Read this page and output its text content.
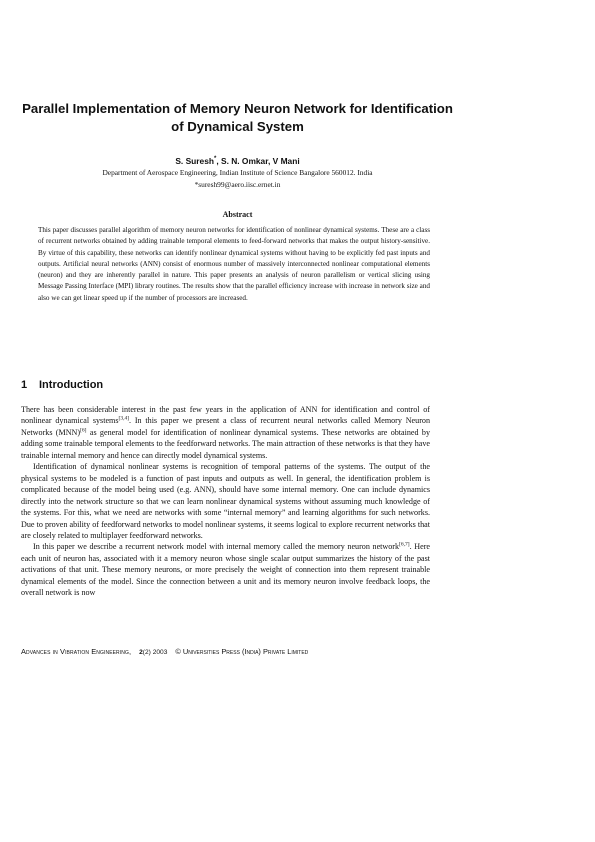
Parallel Implementation of Memory Neuron Network for Identification of Dynamical System
S. Suresh*, S. N. Omkar, V Mani
Department of Aerospace Engineering, Indian Institute of Science Bangalore 560012. India
*suresh99@aero.iisc.ernet.in
Abstract

This paper discusses parallel algorithm of memory neuron networks for identification of nonlinear dynamical systems. These are a class of recurrent networks obtained by adding trainable temporal elements to feed-forward networks that makes the output history-sensitive. By virtue of this capability, these networks can identify nonlinear dynamical systems without having to be explicitly fed past inputs and outputs. Artificial neural networks (ANN) consist of enormous number of massively interconnected nonlinear computational elements (neuron) and they are inherently parallel in nature. This paper presents an analysis of neuron parallelism or vertical slicing using Message Passing Interface (MPI) library routines. The results show that the parallel efficiency increase with increase in network size and also we can get linear speed up if the number of processors are increased.

1 Introduction

There has been considerable interest in the past few years in the application of ANN for identification and control of nonlinear dynamical systems[3,4]. In this paper we present a class of recurrent neural networks called Memory Neuron Networks (MNN)[6] as general model for identification of nonlinear dynamical systems. These networks are obtained by adding some trainable temporal elements to the feedforward networks. The main attraction of these networks is that they have trainable internal memory and hence can directly model dynamical systems.

Identification of dynamical nonlinear systems is recognition of temporal patterns of the systems. The output of the physical systems to be modeled is a function of past inputs and outputs as well. In general, the identification problem is complicated because of the model being used (e.g. ANN), should have some internal memory. One can include dynamics directly into the network structure so that we can learn nonlinear dynamical systems without assuming much knowledge of the systems. For this, what we need are networks with some “internal memory” and learning algorithms for such networks. Due to proven ability of feedforward networks to model nonlinear systems, it seems logical to explore recurrent networks that are closely related to multiplayer feedforward networks.

In this paper we describe a recurrent network model with internal memory called the memory neuron network[6,7]. Here each unit of neuron has, associated with it a memory neuron whose single scalar output summarizes the history of the past activations of that unit. These memory neurons, or more precisely the weight of connection into them represent trainable dynamical elements of the model. Since the connection between a unit and its memory neuron involve feedback loops, the overall network is now

Advances in Vibration Engineering, 2(2) 2003 © Universities Press (India) Private Limited
